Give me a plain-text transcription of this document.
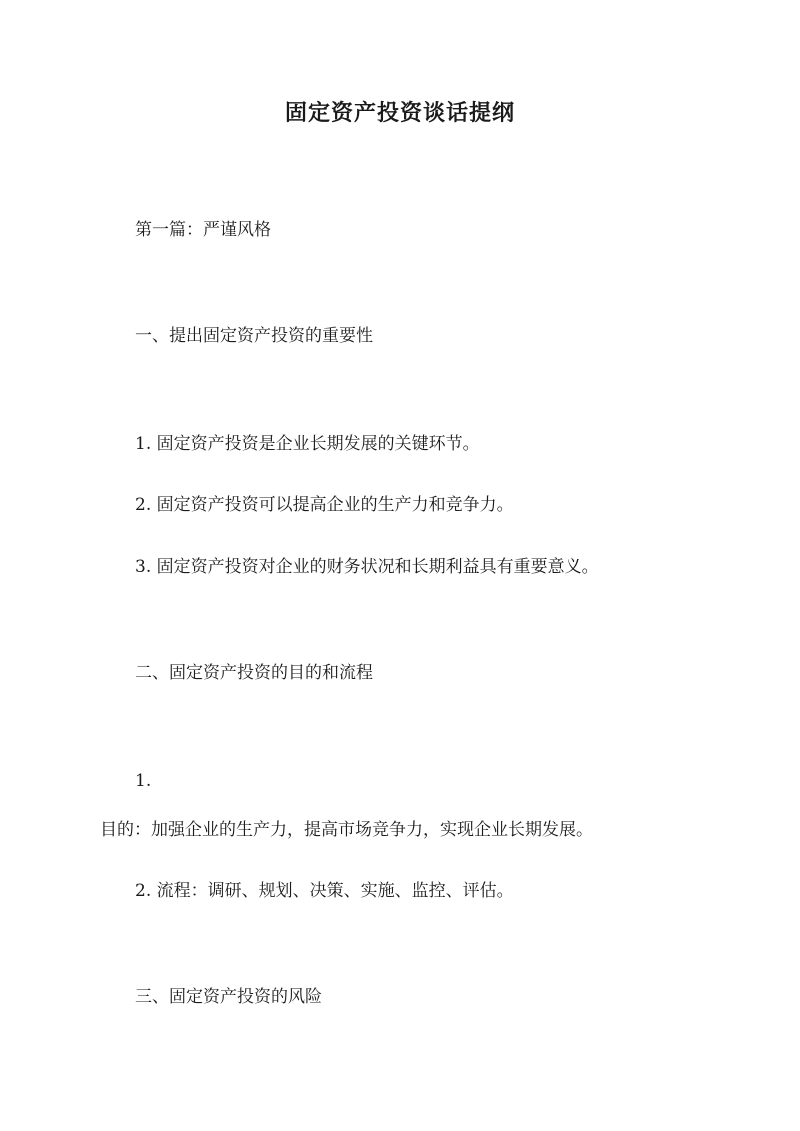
固定资产投资谈话提纲
第一篇：严谨风格
一、提出固定资产投资的重要性
1. 固定资产投资是企业长期发展的关键环节。
2. 固定资产投资可以提高企业的生产力和竞争力。
3. 固定资产投资对企业的财务状况和长期利益具有重要意义。
二、固定资产投资的目的和流程
1.
目的：加强企业的生产力，提高市场竞争力，实现企业长期发展。
2. 流程：调研、规划、决策、实施、监控、评估。
三、固定资产投资的风险
